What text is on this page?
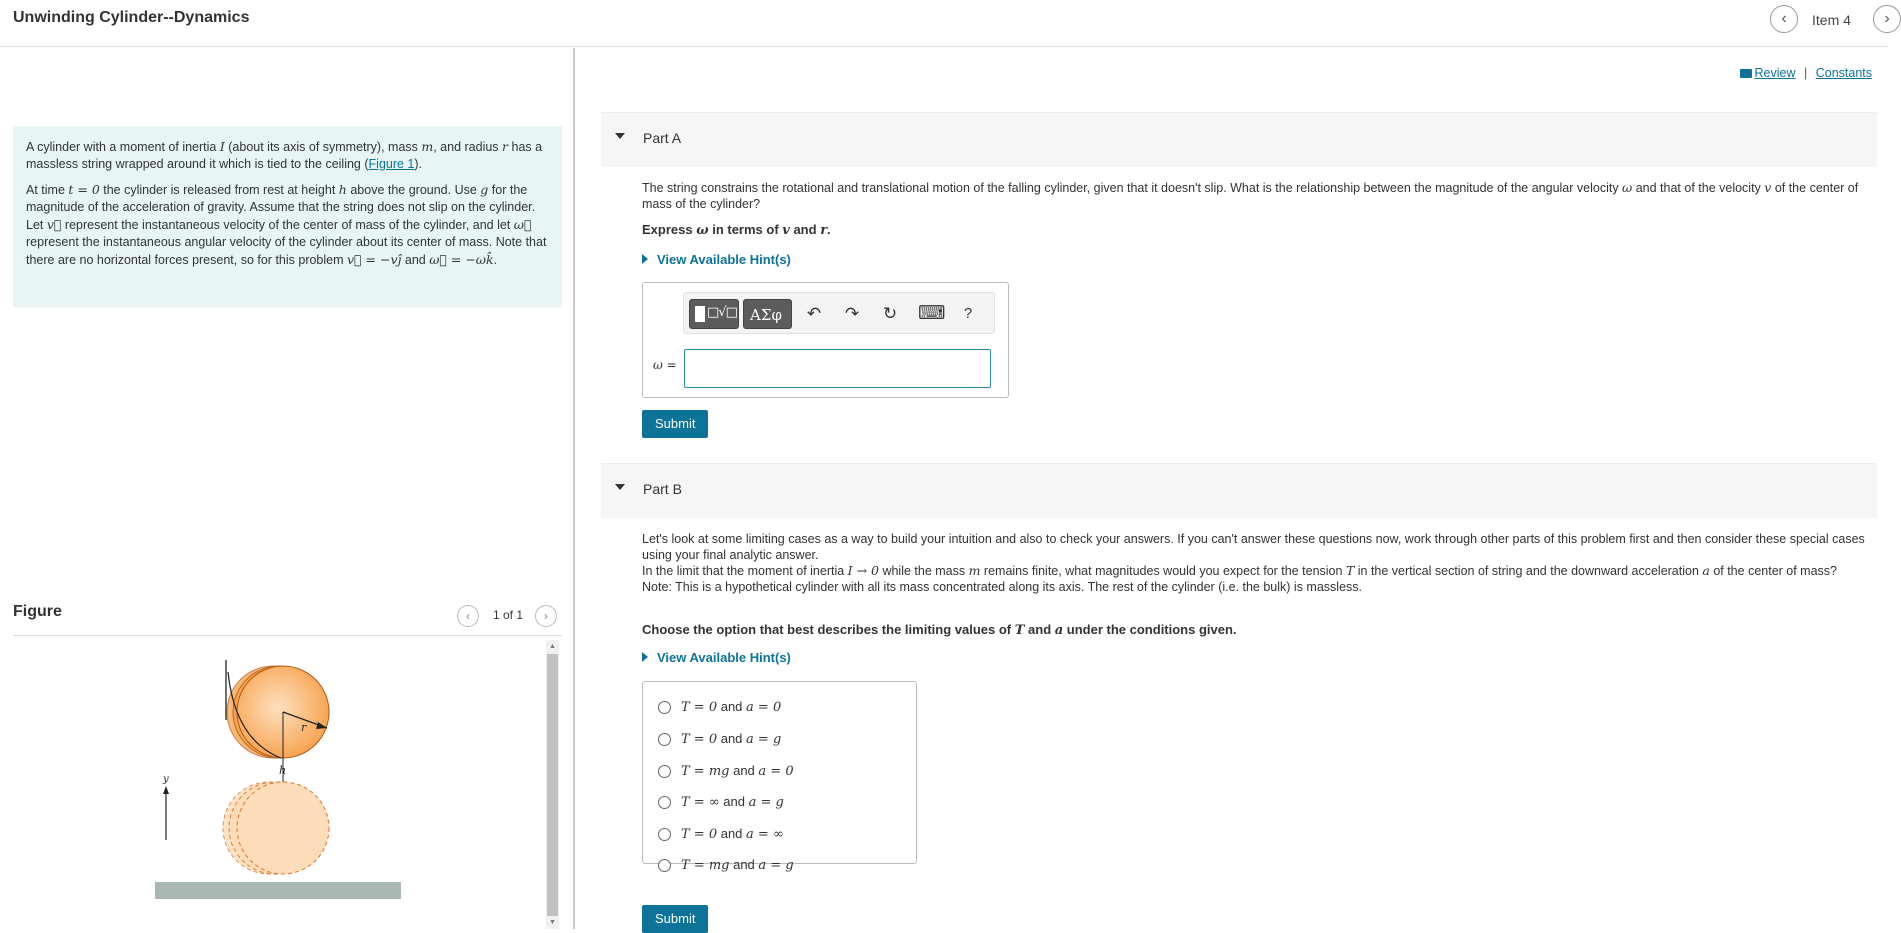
Unwinding Cylinder--Dynamics	‹	Item 4	›

A cylinder with a moment of inertia I (about its axis of symmetry), mass m, and radius r has a massless string wrapped around it which is tied to the ceiling (Figure 1).

At time t = 0 the cylinder is released from rest at height h above the ground. Use g for the magnitude of the acceleration of gravity. Assume that the string does not slip on the cylinder. Let v⃗ represent the instantaneous velocity of the center of mass of the cylinder, and let ω⃗ represent the instantaneous angular velocity of the cylinder about its center of mass. Note that there are no horizontal forces present, so for this problem v⃗ = −vĵ and ω⃗ = −ωk̂.

Figure	‹	1 of 1	›
r
h
y
▲
▼
Review | Constants
Part A
The string constrains the rotational and translational motion of the falling cylinder, given that it doesn't slip. What is the relationship between the magnitude of the angular velocity ω and that of the velocity v of the center of mass of the cylinder?
Express ω in terms of v and r.
View Available Hint(s)
□√□ ΑΣφ ↶ ↷ ↻ ⌨	?
ω =
Submit
Part B
Let's look at some limiting cases as a way to build your intuition and also to check your answers. If you can't answer these questions now, work through other parts of this problem first and then consider these special cases using your final analytic answer.
In the limit that the moment of inertia I → 0 while the mass m remains finite, what magnitudes would you expect for the tension T in the vertical section of string and the downward acceleration a of the center of mass?
Note: This is a hypothetical cylinder with all its mass concentrated along its axis. The rest of the cylinder (i.e. the bulk) is massless.
Choose the option that best describes the limiting values of T and a under the conditions given.
View Available Hint(s)
T = 0 and a = 0
T = 0 and a = g
T = mg and a = 0
T = ∞ and a = g
T = 0 and a = ∞
T = mg and a = g
Submit
